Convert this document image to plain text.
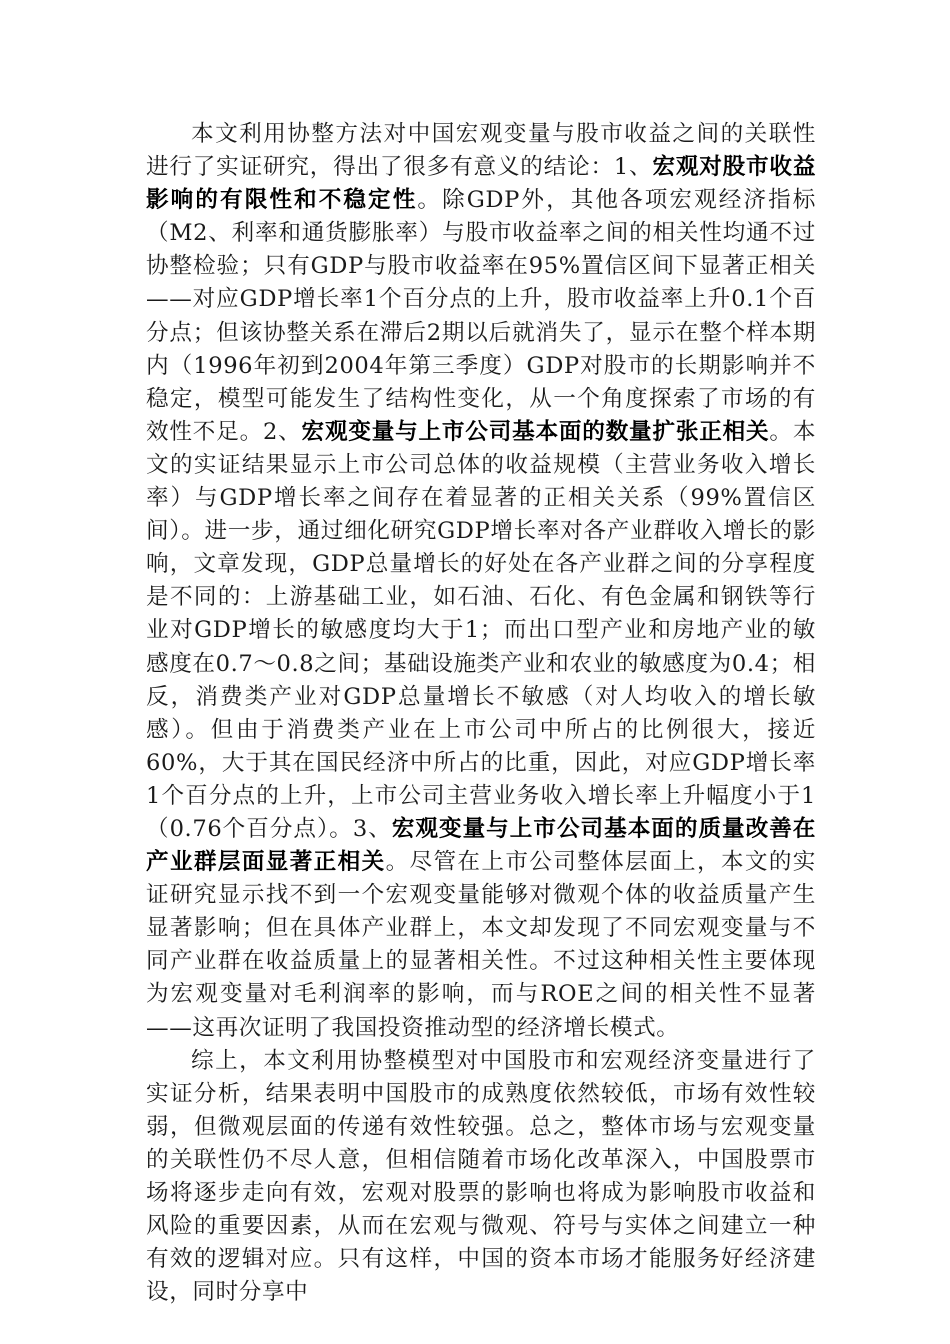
本文利用协整方法对中国宏观变量与股市收益之间的关联性进行了实证研究，得出了很多有意义的结论：1、宏观对股市收益影响的有限性和不稳定性。除GDP外，其他各项宏观经济指标（M2、利率和通货膨胀率）与股市收益率之间的相关性均通不过协整检验；只有GDP与股市收益率在95%置信区间下显著正相关——对应GDP增长率1个百分点的上升，股市收益率上升0.1个百分点；但该协整关系在滞后2期以后就消失了，显示在整个样本期内（1996年初到2004年第三季度）GDP对股市的长期影响并不稳定，模型可能发生了结构性变化，从一个角度探索了市场的有效性不足。2、宏观变量与上市公司基本面的数量扩张正相关。本文的实证结果显示上市公司总体的收益规模（主营业务收入增长率）与GDP增长率之间存在着显著的正相关关系（99%置信区间）。进一步，通过细化研究GDP增长率对各产业群收入增长的影响，文章发现，GDP总量增长的好处在各产业群之间的分享程度是不同的：上游基础工业，如石油、石化、有色金属和钢铁等行业对GDP增长的敏感度均大于1；而出口型产业和房地产业的敏感度在0.7～0.8之间；基础设施类产业和农业的敏感度为0.4；相反，消费类产业对GDP总量增长不敏感（对人均收入的增长敏感）。但由于消费类产业在上市公司中所占的比例很大，接近60%，大于其在国民经济中所占的比重，因此，对应GDP增长率1个百分点的上升，上市公司主营业务收入增长率上升幅度小于1（0.76个百分点）。3、宏观变量与上市公司基本面的质量改善在产业群层面显著正相关。尽管在上市公司整体层面上，本文的实证研究显示找不到一个宏观变量能够对微观个体的收益质量产生显著影响；但在具体产业群上，本文却发现了不同宏观变量与不同产业群在收益质量上的显著相关性。不过这种相关性主要体现为宏观变量对毛利润率的影响，而与ROE之间的相关性不显著——这再次证明了我国投资推动型的经济增长模式。

综上，本文利用协整模型对中国股市和宏观经济变量进行了实证分析，结果表明中国股市的成熟度依然较低，市场有效性较弱，但微观层面的传递有效性较强。总之，整体市场与宏观变量的关联性仍不尽人意，但相信随着市场化改革深入，中国股票市场将逐步走向有效，宏观对股票的影响也将成为影响股市收益和风险的重要因素，从而在宏观与微观、符号与实体之间建立一种有效的逻辑对应。只有这样，中国的资本市场才能服务好经济建设，同时分享中
